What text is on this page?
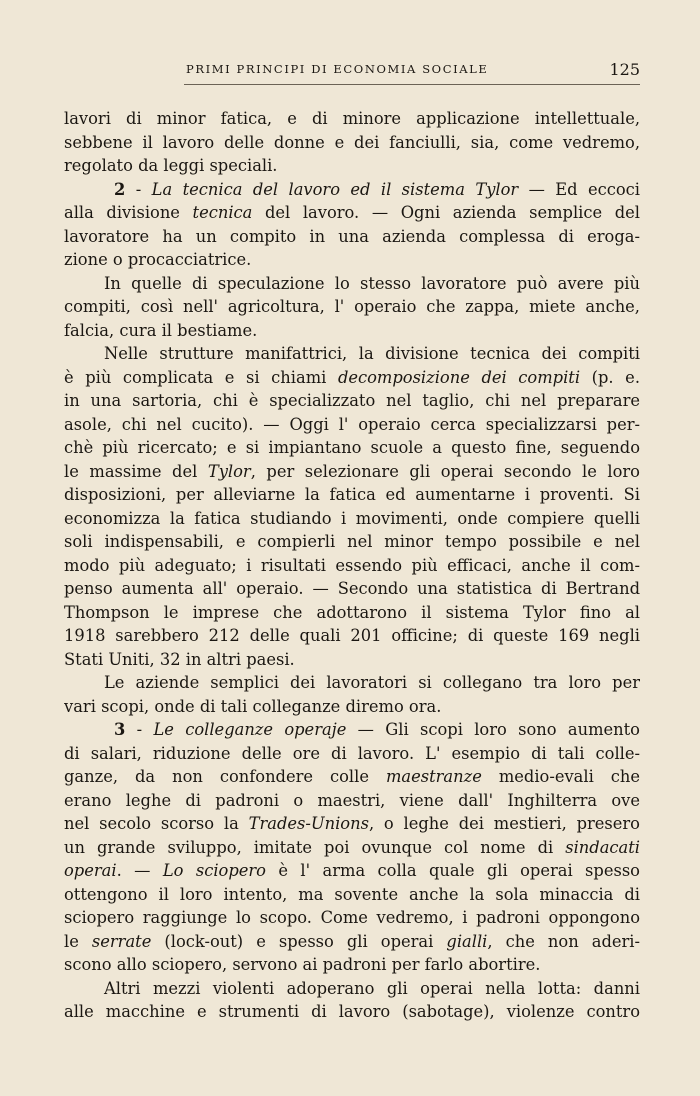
PRIMI PRINCIPI DI ECONOMIA SOCIALE	125
lavori di minor fatica, e di minore applicazione intellettuale,
sebbene il lavoro delle donne e dei fanciulli, sia, come vedremo,
regolato da leggi speciali.
2 - La tecnica del lavoro ed il sistema Tylor — Ed eccoci
alla divisione tecnica del lavoro. — Ogni azienda semplice del
lavoratore ha un compito in una azienda complessa di eroga-
zione o procacciatrice.
In quelle di speculazione lo stesso lavoratore può avere più
compiti, così nell' agricoltura, l' operaio che zappa, miete anche,
falcia, cura il bestiame.
Nelle strutture manifattrici, la divisione tecnica dei compiti
è più complicata e si chiami decomposizione dei compiti (p. e.
in una sartoria, chi è specializzato nel taglio, chi nel preparare
asole, chi nel cucito). — Oggi l' operaio cerca specializzarsi per-
chè più ricercato; e si impiantano scuole a questo fine, seguendo
le massime del Tylor, per selezionare gli operai secondo le loro
disposizioni, per alleviarne la fatica ed aumentarne i proventi. Si
economizza la fatica studiando i movimenti, onde compiere quelli
soli indispensabili, e compierli nel minor tempo possibile e nel
modo più adeguato; i risultati essendo più efficaci, anche il com-
penso aumenta all' operaio. — Secondo una statistica di Bertrand
Thompson le imprese che adottarono il sistema Tylor fino al
1918 sarebbero 212 delle quali 201 officine; di queste 169 negli
Stati Uniti, 32 in altri paesi.
Le aziende semplici dei lavoratori si collegano tra loro per
vari scopi, onde di tali colleganze diremo ora.
3 - Le colleganze operaje — Gli scopi loro sono aumento
di salari, riduzione delle ore di lavoro. L' esempio di tali colle-
ganze, da non confondere colle maestranze medio-evali che
erano leghe di padroni o maestri, viene dall' Inghilterra ove
nel secolo scorso la Trades-Unions, o leghe dei mestieri, presero
un grande sviluppo, imitate poi ovunque col nome di sindacati
operai. — Lo sciopero è l' arma colla quale gli operai spesso
ottengono il loro intento, ma sovente anche la sola minaccia di
sciopero raggiunge lo scopo. Come vedremo, i padroni oppongono
le serrate (lock-out) e spesso gli operai gialli, che non aderi-
scono allo sciopero, servono ai padroni per farlo abortire.
Altri mezzi violenti adoperano gli operai nella lotta: danni
alle macchine e strumenti di lavoro (sabotage), violenze contro
